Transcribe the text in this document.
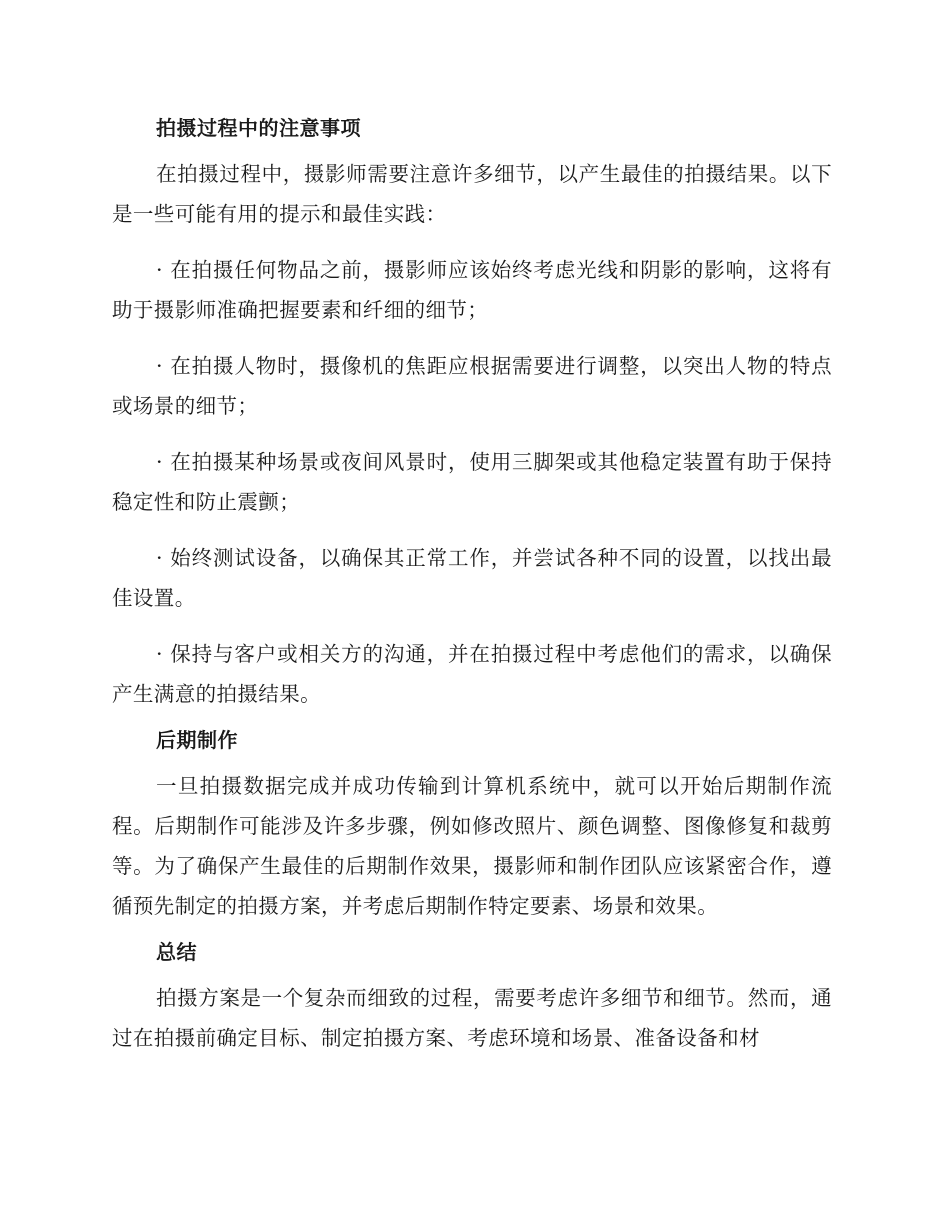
拍摄过程中的注意事项

在拍摄过程中，摄影师需要注意许多细节，以产生最佳的拍摄结果。以下是一些可能有用的提示和最佳实践：

· 在拍摄任何物品之前，摄影师应该始终考虑光线和阴影的影响，这将有助于摄影师准确把握要素和纤细的细节；

· 在拍摄人物时，摄像机的焦距应根据需要进行调整，以突出人物的特点或场景的细节；

· 在拍摄某种场景或夜间风景时，使用三脚架或其他稳定装置有助于保持稳定性和防止震颤；

· 始终测试设备，以确保其正常工作，并尝试各种不同的设置，以找出最佳设置。

· 保持与客户或相关方的沟通，并在拍摄过程中考虑他们的需求，以确保产生满意的拍摄结果。

后期制作

一旦拍摄数据完成并成功传输到计算机系统中，就可以开始后期制作流程。后期制作可能涉及许多步骤，例如修改照片、颜色调整、图像修复和裁剪等。为了确保产生最佳的后期制作效果，摄影师和制作团队应该紧密合作，遵循预先制定的拍摄方案，并考虑后期制作特定要素、场景和效果。

总结

拍摄方案是一个复杂而细致的过程，需要考虑许多细节和细节。然而，通过在拍摄前确定目标、制定拍摄方案、考虑环境和场景、准备设备和材
